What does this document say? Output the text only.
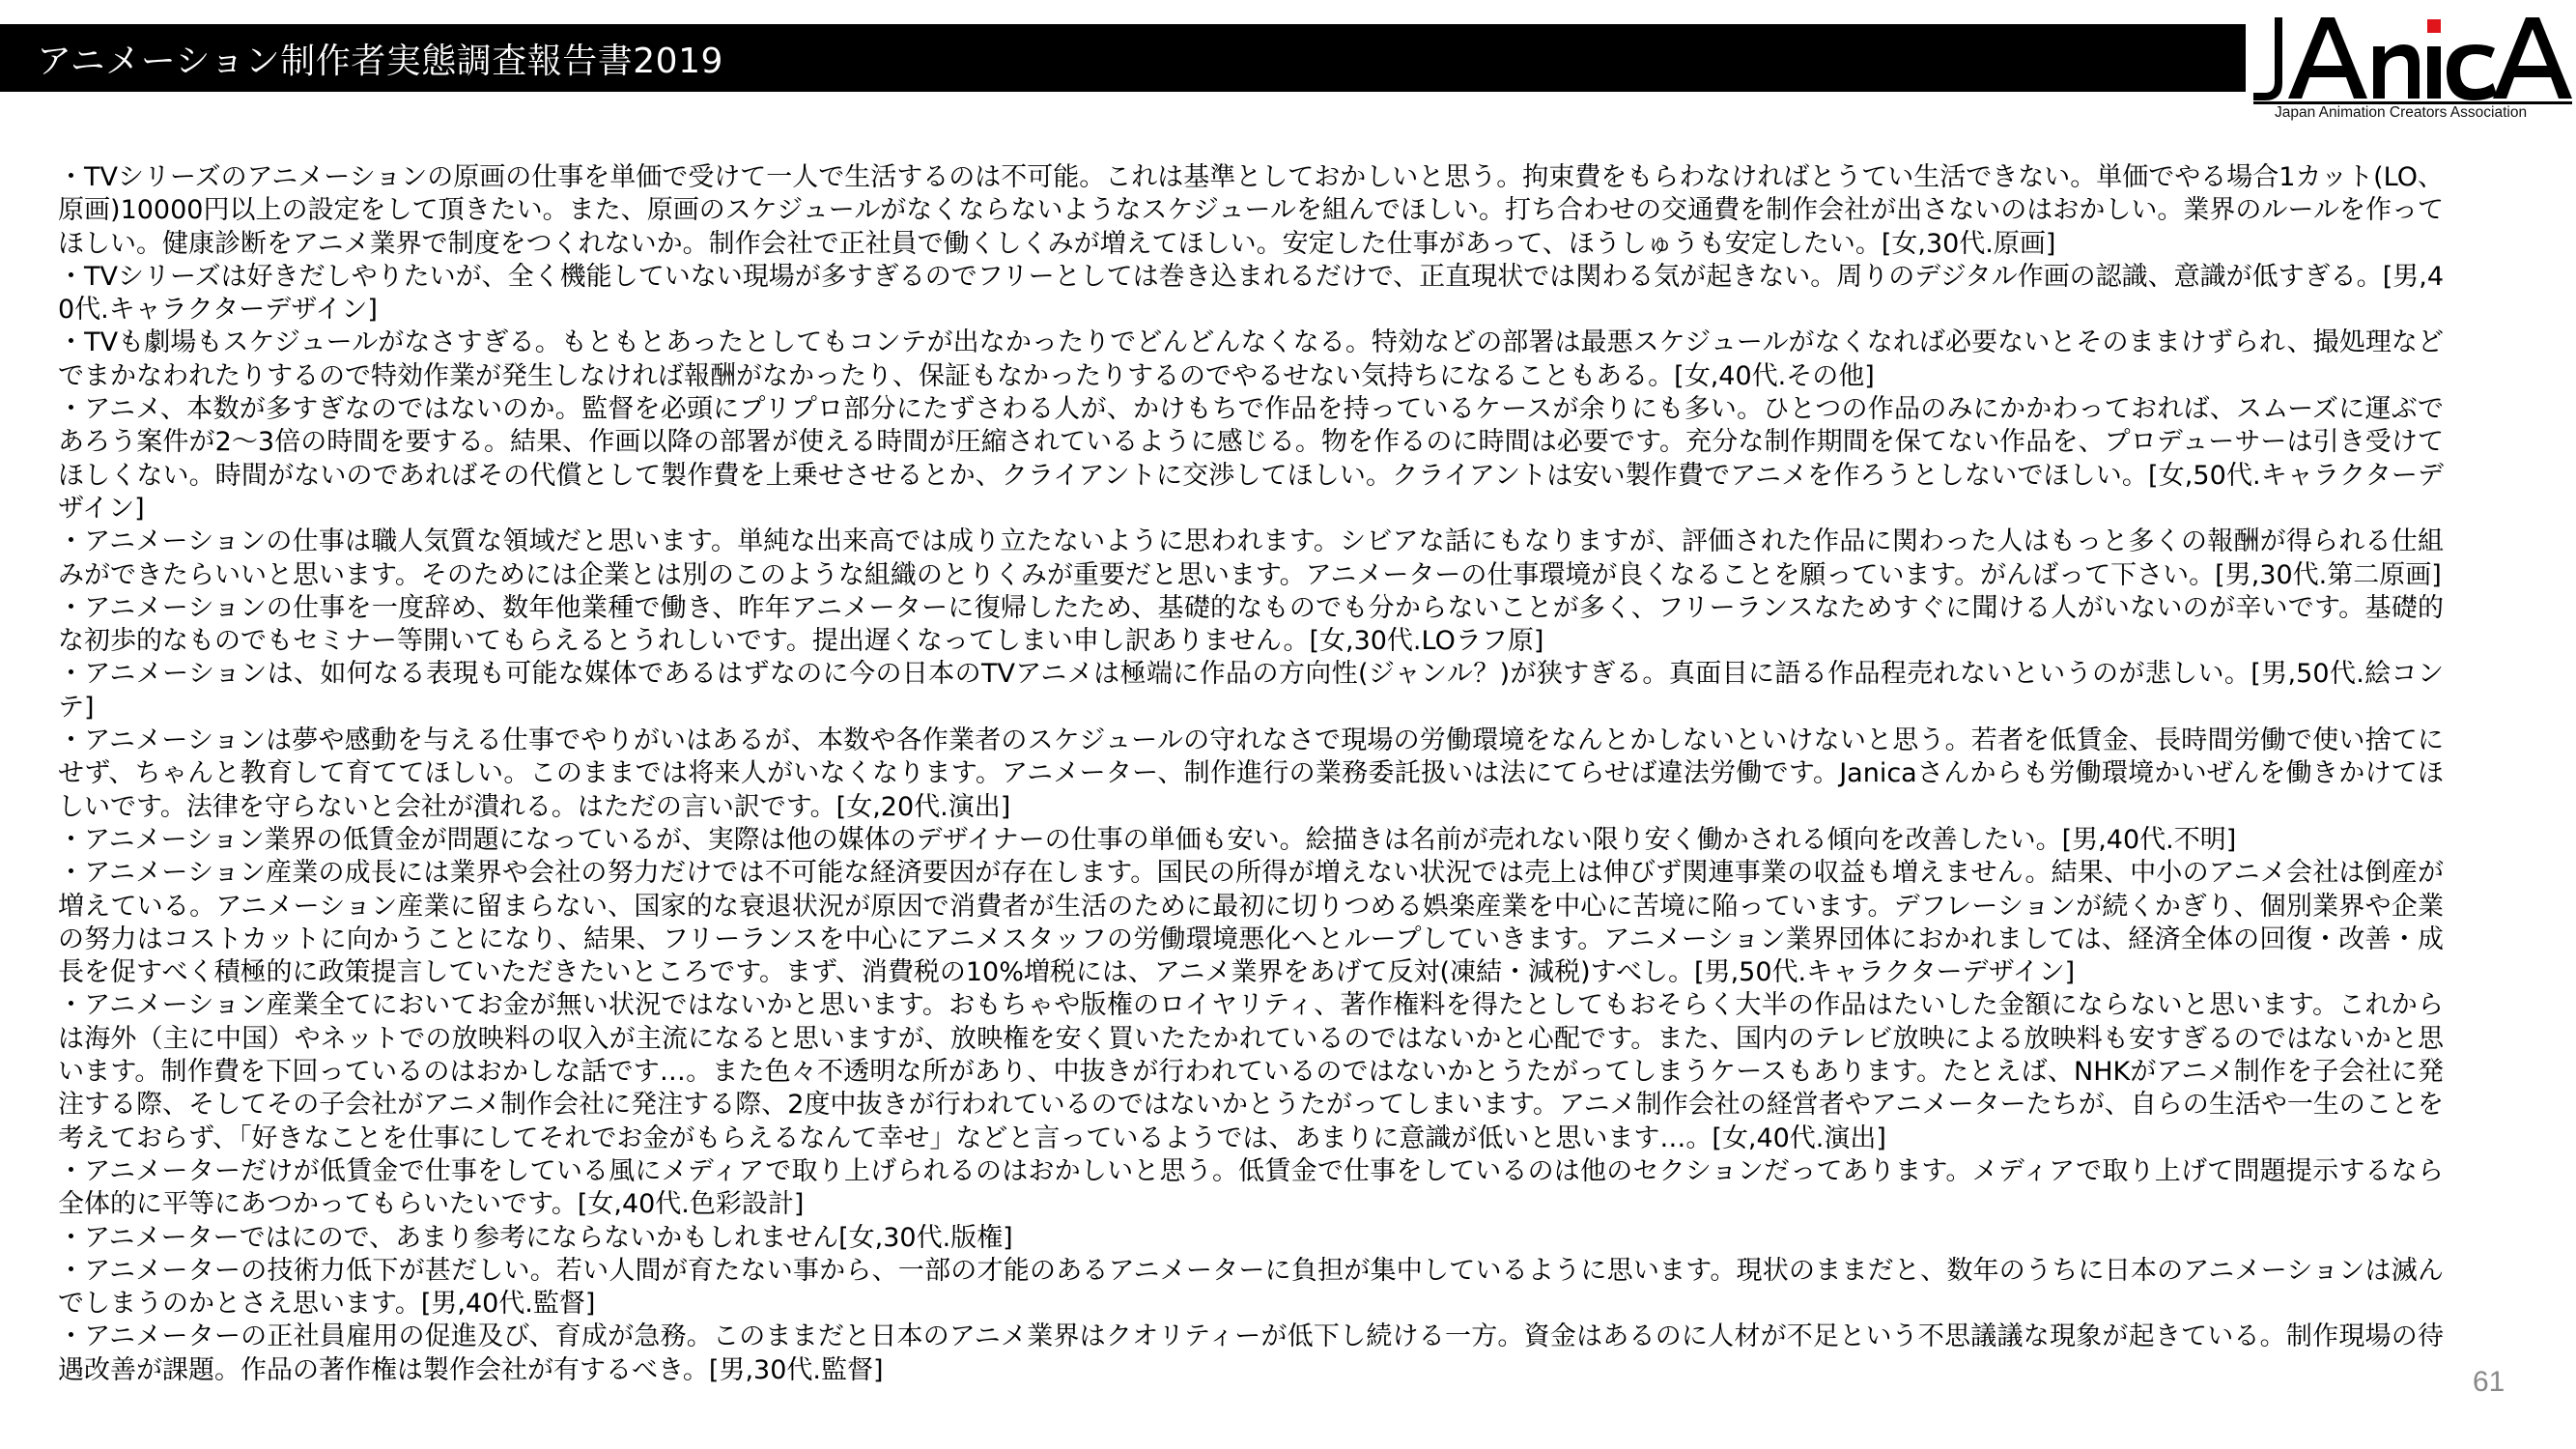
アニメーション制作者実態調査報告書2019
Japan Animation Creators Association
・TVシリーズのアニメーションの原画の仕事を単価で受けて一人で生活するのは不可能。これは基準としておかしいと思う。拘束費をもらわなければとうてい生活できない。単価でやる場合1カット(LO、原画)10000円以上の設定をして頂きたい。また、原画のスケジュールがなくならないようなスケジュールを組んでほしい。打ち合わせの交通費を制作会社が出さないのはおかしい。業界のルールを作ってほしい。健康診断をアニメ業界で制度をつくれないか。制作会社で正社員で働くしくみが増えてほしい。安定した仕事があって、ほうしゅうも安定したい。[女,30代.原画]
・TVシリーズは好きだしやりたいが、全く機能していない現場が多すぎるのでフリーとしては巻き込まれるだけで、正直現状では関わる気が起きない。周りのデジタル作画の認識、意識が低すぎる。[男,40代.キャラクターデザイン]
・TVも劇場もスケジュールがなさすぎる。もともとあったとしてもコンテが出なかったりでどんどんなくなる。特効などの部署は最悪スケジュールがなくなれば必要ないとそのままけずられ、撮処理などでまかなわれたりするので特効作業が発生しなければ報酬がなかったり、保証もなかったりするのでやるせない気持ちになることもある。[女,40代.その他]
・アニメ、本数が多すぎなのではないのか。監督を必頭にプリプロ部分にたずさわる人が、かけもちで作品を持っているケースが余りにも多い。ひとつの作品のみにかかわっておれば、スムーズに運ぶであろう案件が2～3倍の時間を要する。結果、作画以降の部署が使える時間が圧縮されているように感じる。物を作るのに時間は必要です。充分な制作期間を保てない作品を、プロデューサーは引き受けてほしくない。時間がないのであればその代償として製作費を上乗せさせるとか、クライアントに交渉してほしい。クライアントは安い製作費でアニメを作ろうとしないでほしい。[女,50代.キャラクターデザイン]
・アニメーションの仕事は職人気質な領域だと思います。単純な出来高では成り立たないように思われます。シビアな話にもなりますが、評価された作品に関わった人はもっと多くの報酬が得られる仕組みができたらいいと思います。そのためには企業とは別のこのような組織のとりくみが重要だと思います。アニメーターの仕事環境が良くなることを願っています。がんばって下さい。[男,30代.第二原画]
・アニメーションの仕事を一度辞め、数年他業種で働き、昨年アニメーターに復帰したため、基礎的なものでも分からないことが多く、フリーランスなためすぐに聞ける人がいないのが辛いです。基礎的な初歩的なものでもセミナー等開いてもらえるとうれしいです。提出遅くなってしまい申し訳ありません。[女,30代.LOラフ原]
・アニメーションは、如何なる表現も可能な媒体であるはずなのに今の日本のTVアニメは極端に作品の方向性(ジャンル？)が狭すぎる。真面目に語る作品程売れないというのが悲しい。[男,50代.絵コンテ]
・アニメーションは夢や感動を与える仕事でやりがいはあるが、本数や各作業者のスケジュールの守れなさで現場の労働環境をなんとかしないといけないと思う。若者を低賃金、長時間労働で使い捨てにせず、ちゃんと教育して育ててほしい。このままでは将来人がいなくなります。アニメーター、制作進行の業務委託扱いは法にてらせば違法労働です。Janicaさんからも労働環境かいぜんを働きかけてほしいです。法律を守らないと会社が潰れる。はただの言い訳です。[女,20代.演出]
・アニメーション業界の低賃金が問題になっているが、実際は他の媒体のデザイナーの仕事の単価も安い。絵描きは名前が売れない限り安く働かされる傾向を改善したい。[男,40代.不明]
・アニメーション産業の成長には業界や会社の努力だけでは不可能な経済要因が存在します。国民の所得が増えない状況では売上は伸びず関連事業の収益も増えません。結果、中小のアニメ会社は倒産が増えている。アニメーション産業に留まらない、国家的な衰退状況が原因で消費者が生活のために最初に切りつめる娯楽産業を中心に苦境に陥っています。デフレーションが続くかぎり、個別業界や企業の努力はコストカットに向かうことになり、結果、フリーランスを中心にアニメスタッフの労働環境悪化へとループしていきます。アニメーション業界団体におかれましては、経済全体の回復・改善・成長を促すべく積極的に政策提言していただきたいところです。まず、消費税の10%増税には、アニメ業界をあげて反対(凍結・減税)すべし。[男,50代.キャラクターデザイン]
・アニメーション産業全てにおいてお金が無い状況ではないかと思います。おもちゃや版権のロイヤリティ、著作権料を得たとしてもおそらく大半の作品はたいした金額にならないと思います。これからは海外（主に中国）やネットでの放映料の収入が主流になると思いますが、放映権を安く買いたたかれているのではないかと心配です。また、国内のテレビ放映による放映料も安すぎるのではないかと思います。制作費を下回っているのはおかしな話です…。また色々不透明な所があり、中抜きが行われているのではないかとうたがってしまうケースもあります。たとえば、NHKがアニメ制作を子会社に発注する際、そしてその子会社がアニメ制作会社に発注する際、2度中抜きが行われているのではないかとうたがってしまいます。アニメ制作会社の経営者やアニメーターたちが、自らの生活や一生のことを考えておらず、「好きなことを仕事にしてそれでお金がもらえるなんて幸せ」などと言っているようでは、あまりに意識が低いと思います…。[女,40代.演出]
・アニメーターだけが低賃金で仕事をしている風にメディアで取り上げられるのはおかしいと思う。低賃金で仕事をしているのは他のセクションだってあります。メディアで取り上げて問題提示するなら全体的に平等にあつかってもらいたいです。[女,40代.色彩設計]
・アニメーターではにので、あまり参考にならないかもしれません[女,30代.版権]
・アニメーターの技術力低下が甚だしい。若い人間が育たない事から、一部の才能のあるアニメーターに負担が集中しているように思います。現状のままだと、数年のうちに日本のアニメーションは滅んでしまうのかとさえ思います。[男,40代.監督]
・アニメーターの正社員雇用の促進及び、育成が急務。このままだと日本のアニメ業界はクオリティーが低下し続ける一方。資金はあるのに人材が不足という不思議議な現象が起きている。制作現場の待遇改善が課題。作品の著作権は製作会社が有するべき。[男,30代.監督]	61
